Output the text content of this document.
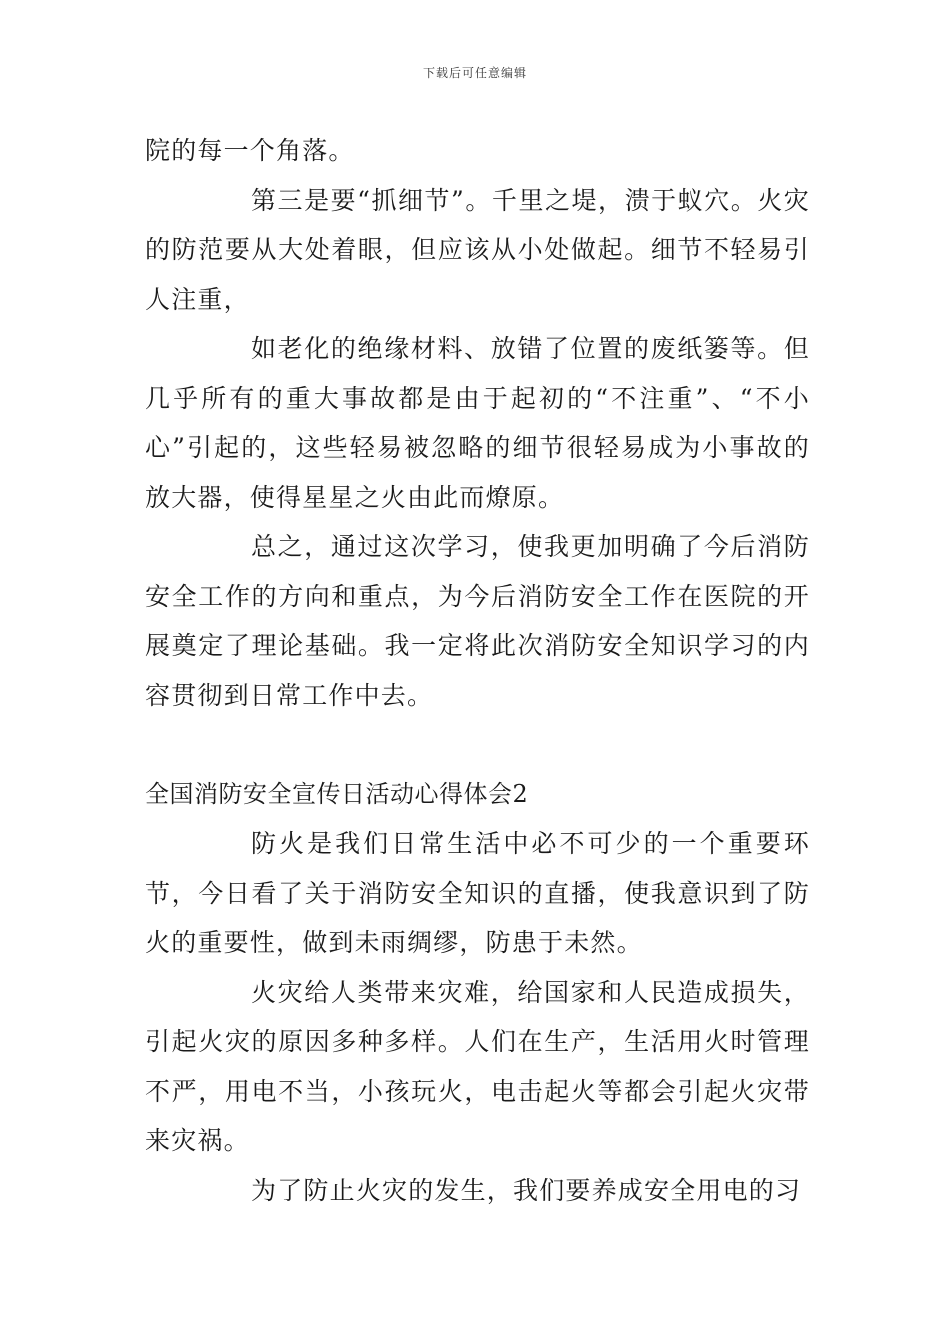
下载后可任意编辑

院的每一个角落。

第三是要“抓细节”。千里之堤，溃于蚁穴。火灾的防范要从大处着眼，但应该从小处做起。细节不轻易引人注重，

如老化的绝缘材料、放错了位置的废纸篓等。但几乎所有的重大事故都是由于起初的“不注重”、“不小心”引起的，这些轻易被忽略的细节很轻易成为小事故的放大器，使得星星之火由此而燎原。

总之，通过这次学习，使我更加明确了今后消防安全工作的方向和重点，为今后消防安全工作在医院的开展奠定了理论基础。我一定将此次消防安全知识学习的内容贯彻到日常工作中去。

全国消防安全宣传日活动心得体会2

防火是我们日常生活中必不可少的一个重要环节，今日看了关于消防安全知识的直播，使我意识到了防火的重要性，做到未雨绸缪，防患于未然。

火灾给人类带来灾难，给国家和人民造成损失，引起火灾的原因多种多样。人们在生产，生活用火时管理不严，用电不当，小孩玩火，电击起火等都会引起火灾带来灾祸。

为了防止火灾的发生，我们要养成安全用电的习
